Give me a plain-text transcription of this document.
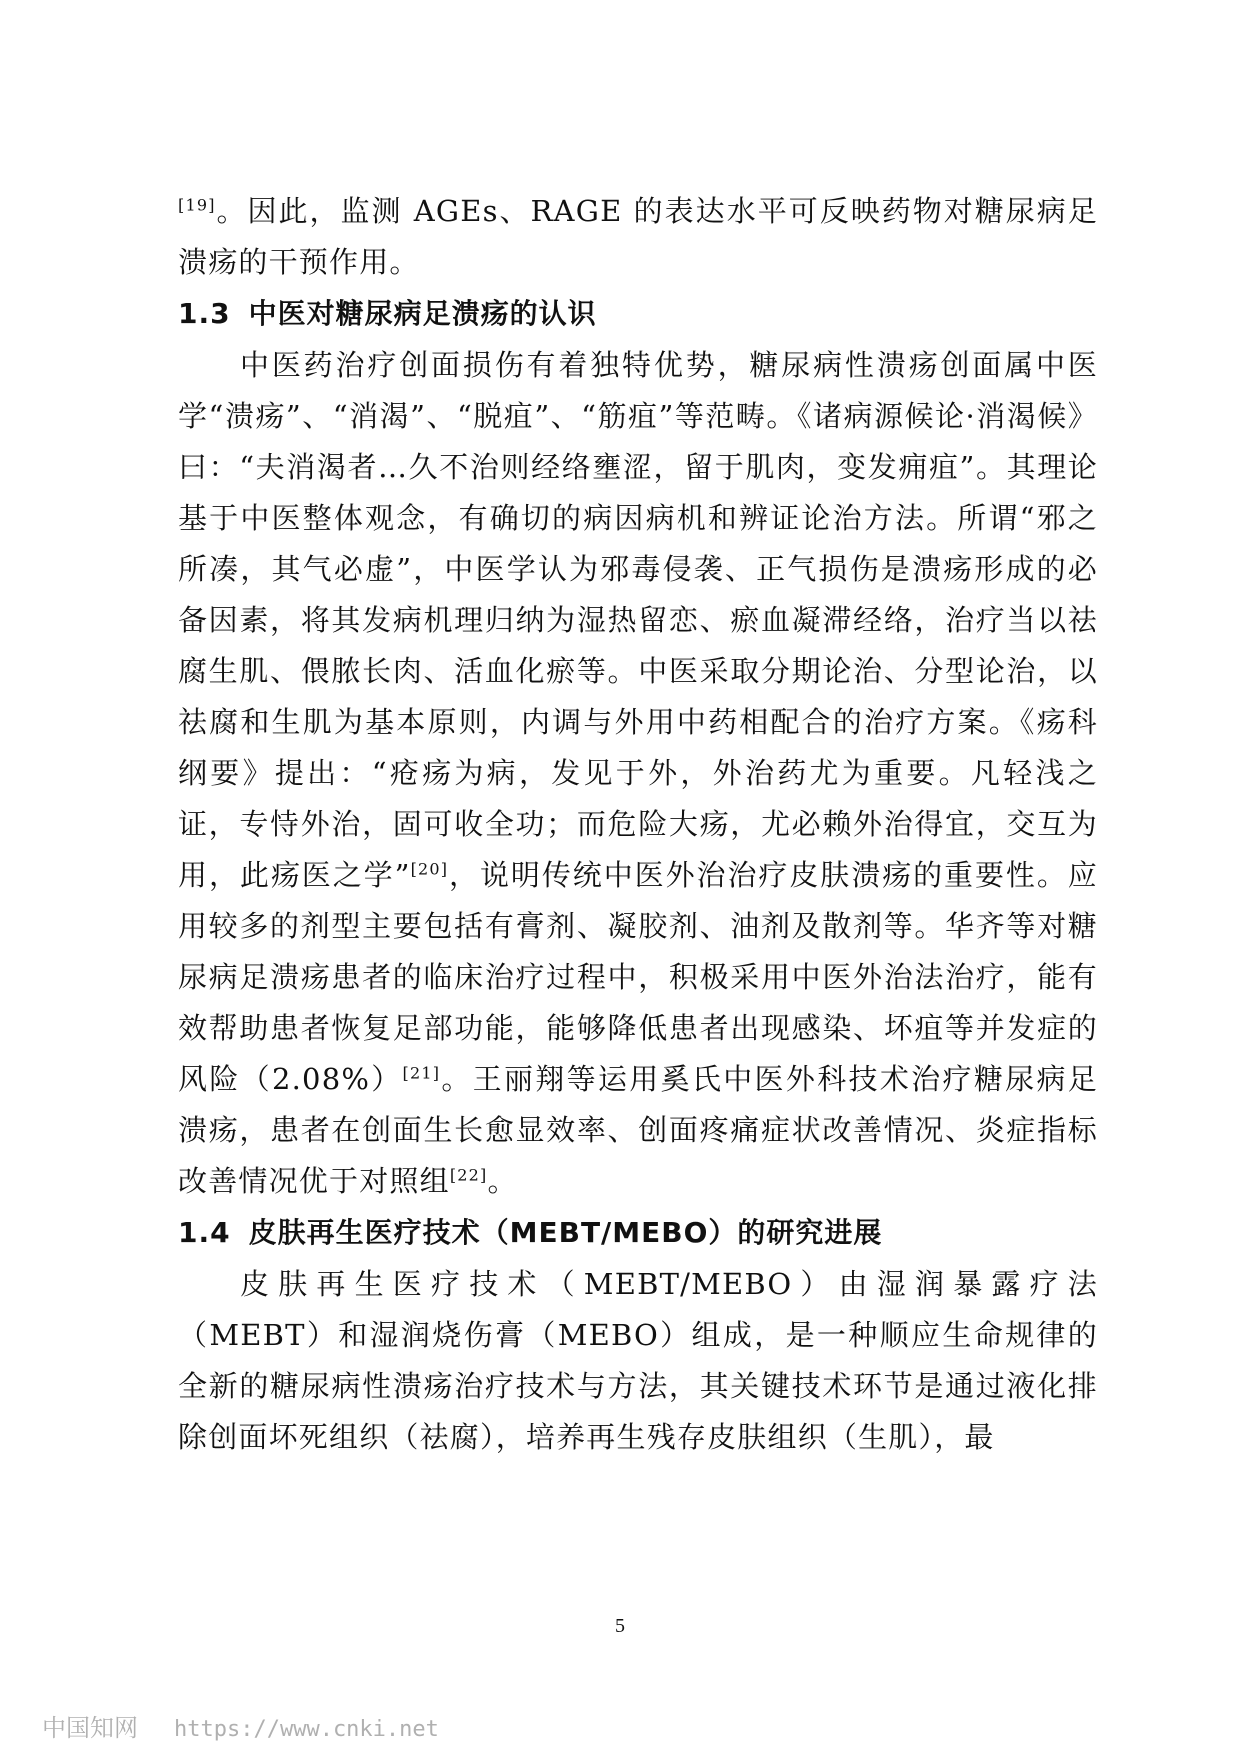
[19]。因此，监测 AGEs、RAGE 的表达水平可反映药物对糖尿病足溃疡的干预作用。

1.3 中医对糖尿病足溃疡的认识

中医药治疗创面损伤有着独特优势，糖尿病性溃疡创面属中医学“溃疡”、“消渴”、“脱疽”、“筋疽”等范畴。《诸病源候论·消渴候》曰：“夫消渴者…久不治则经络壅涩，留于肌肉，变发痈疽”。其理论基于中医整体观念，有确切的病因病机和辨证论治方法。所谓“邪之所凑，其气必虚”，中医学认为邪毒侵袭、正气损伤是溃疡形成的必备因素，将其发病机理归纳为湿热留恋、瘀血凝滞经络，治疗当以祛腐生肌、偎脓长肉、活血化瘀等。中医采取分期论治、分型论治，以祛腐和生肌为基本原则，内调与外用中药相配合的治疗方案。《疡科纲要》提出：“疮疡为病，发见于外，外治药尤为重要。凡轻浅之证，专恃外治，固可收全功；而危险大疡，尤必赖外治得宜，交互为用，此疡医之学”[20]，说明传统中医外治治疗皮肤溃疡的重要性。应用较多的剂型主要包括有膏剂、凝胶剂、油剂及散剂等。华齐等对糖尿病足溃疡患者的临床治疗过程中，积极采用中医外治法治疗，能有效帮助患者恢复足部功能，能够降低患者出现感染、坏疽等并发症的风险（2.08%）[21]。王丽翔等运用奚氏中医外科技术治疗糖尿病足溃疡，患者在创面生长愈显效率、创面疼痛症状改善情况、炎症指标改善情况优于对照组[22]。

1.4 皮肤再生医疗技术（MEBT/MEBO）的研究进展

皮肤再生医疗技术（MEBT/MEBO）由湿润暴露疗法（MEBT）和湿润烧伤膏（MEBO）组成，是一种顺应生命规律的全新的糖尿病性溃疡治疗技术与方法，其关键技术环节是通过液化排除创面坏死组织（祛腐），培养再生残存皮肤组织（生肌），最

5
中国知网 https://www.cnki.net
